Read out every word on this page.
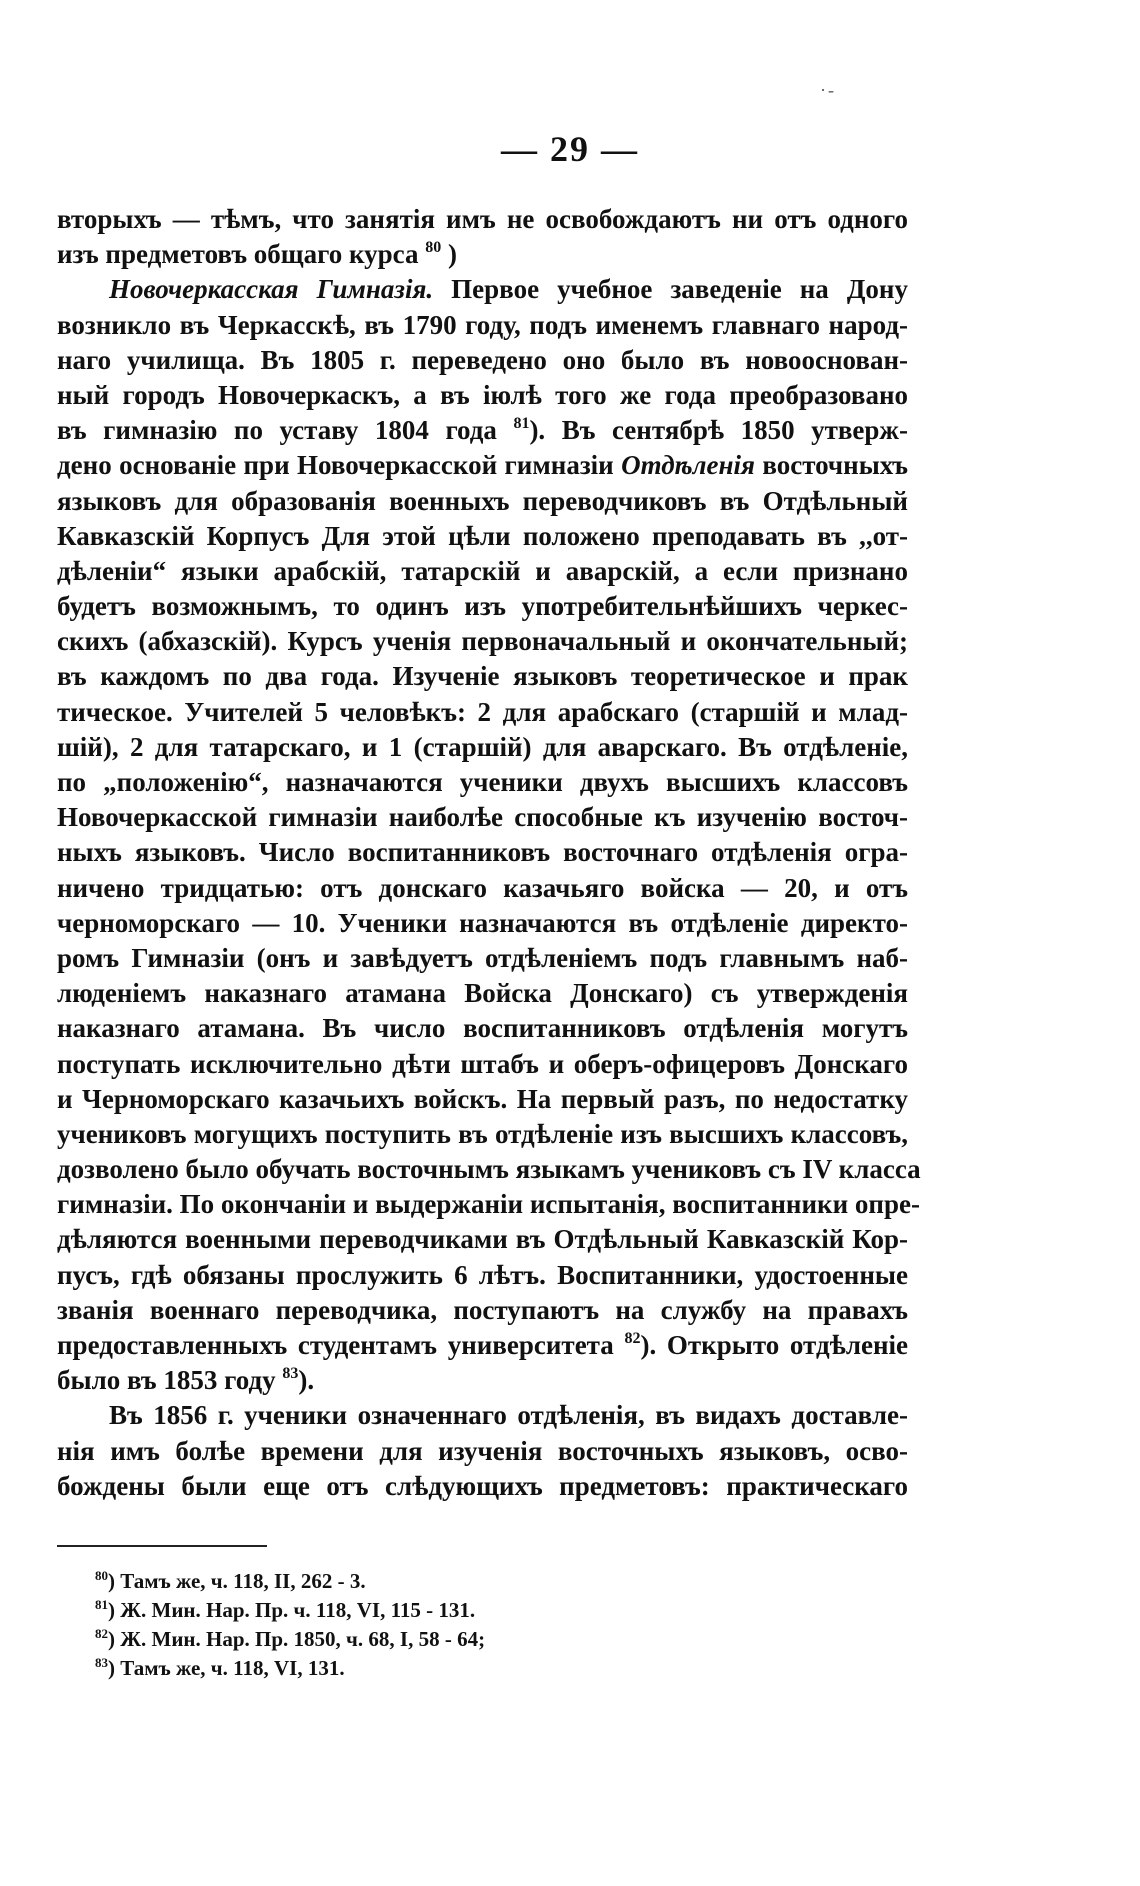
·-
— 29 —
вторыхъ — тѣмъ, что занятія имъ не освобождаютъ ни отъ одного
изъ предметовъ общаго курса $^{80}$ )
Новочеркасская Гимназія. Первое учебное заведеніе на Дону
возникло въ Черкасскѣ, въ 1790 году, подъ именемъ главнаго народ-
наго училища. Въ 1805 г. переведено оно было въ новооснован-
ный городъ Новочеркаскъ, а въ іюлѣ того же года преобразовано
въ гимназію по уставу 1804 года $^{81}$). Въ сентябрѣ 1850 утверж-
дено основаніе при Новочеркасской гимназіи Отдѣленія восточныхъ
языковъ для образованія военныхъ переводчиковъ въ Отдѣльный
Кавказскій Корпусъ Для этой цѣли положено преподавать въ ,,от-
дѣленіи“ языки арабскій, татарскій и аварскій, а если признано
будетъ возможнымъ, то одинъ изъ употребительнѣйшихъ черкес-
скихъ (абхазскій). Курсъ ученія первоначальный и окончательный;
въ каждомъ по два года. Изученіе языковъ теоретическое и прак
тическое. Учителей 5 человѣкъ: 2 для арабскаго (старшій и млад-
шій), 2 для татарскаго, и 1 (старшій) для аварскаго. Въ отдѣленіе,
по „положенію“, назначаются ученики двухъ высшихъ классовъ
Новочеркасской гимназіи наиболѣе способные къ изученію восточ-
ныхъ языковъ. Число воспитанниковъ восточнаго отдѣленія огра-
ничено тридцатью: отъ донскаго казачьяго войска — 20, и отъ
черноморскаго — 10. Ученики назначаются въ отдѣленіе директо-
ромъ Гимназіи (онъ и завѣдуетъ отдѣленіемъ подъ главнымъ наб-
люденіемъ наказнаго атамана Войска Донскаго) съ утвержденія
наказнаго атамана. Въ число воспитанниковъ отдѣленія могутъ
поступать исключительно дѣти штабъ и оберъ-офицеровъ Донскаго
и Черноморскаго казачьихъ войскъ. На первый разъ, по недостатку
учениковъ могущихъ поступить въ отдѣленіе изъ высшихъ классовъ,
дозволено было обучать восточнымъ языкамъ учениковъ съ IV класса
гимназіи. По окончаніи и выдержаніи испытанія, воспитанники опре-
дѣляются военными переводчиками въ Отдѣльный Кавказскій Кор-
пусъ, гдѣ обязаны прослужить 6 лѣтъ. Воспитанники, удостоенные
званія военнаго переводчика, поступаютъ на службу на правахъ
предоставленныхъ студентамъ университета $^{82}$). Открыто отдѣленіе
было въ 1853 году $^{83}$).
Въ 1856 г. ученики означеннаго отдѣленія, въ видахъ доставле-
нія имъ болѣе времени для изученія восточныхъ языковъ, осво-
бождены были еще отъ слѣдующихъ предметовъ: практическаго
$^{80}$) Тамъ же, ч. 118, II, 262 - 3.
$^{81}$) Ж. Мин. Нар. Пр. ч. 118, VI, 115 - 131.
$^{82}$) Ж. Мин. Нар. Пр. 1850, ч. 68, I, 58 - 64;
$^{83}$) Тамъ же, ч. 118, VI, 131.
